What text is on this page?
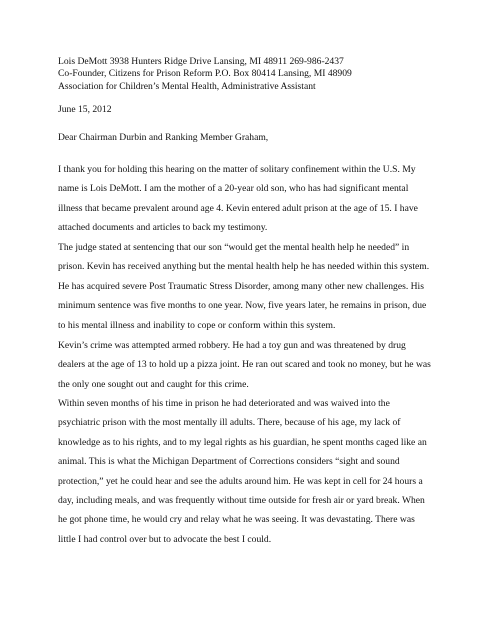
Lois DeMott 3938 Hunters Ridge Drive Lansing, MI 48911 269-986-2437
Co-Founder, Citizens for Prison Reform P.O. Box 80414 Lansing, MI 48909
Association for Children’s Mental Health, Administrative Assistant
June 15, 2012
Dear Chairman Durbin and Ranking Member Graham,
I thank you for holding this hearing on the matter of solitary confinement within the U.S. My
name is Lois DeMott. I am the mother of a 20-year old son, who has had significant mental
illness that became prevalent around age 4. Kevin entered adult prison at the age of 15. I have
attached documents and articles to back my testimony.
The judge stated at sentencing that our son “would get the mental health help he needed” in
prison. Kevin has received anything but the mental health help he has needed within this system.
He has acquired severe Post Traumatic Stress Disorder, among many other new challenges. His
minimum sentence was five months to one year. Now, five years later, he remains in prison, due
to his mental illness and inability to cope or conform within this system.
Kevin’s crime was attempted armed robbery. He had a toy gun and was threatened by drug
dealers at the age of 13 to hold up a pizza joint. He ran out scared and took no money, but he was
the only one sought out and caught for this crime.
Within seven months of his time in prison he had deteriorated and was waived into the
psychiatric prison with the most mentally ill adults. There, because of his age, my lack of
knowledge as to his rights, and to my legal rights as his guardian, he spent months caged like an
animal. This is what the Michigan Department of Corrections considers “sight and sound
protection,” yet he could hear and see the adults around him. He was kept in cell for 24 hours a
day, including meals, and was frequently without time outside for fresh air or yard break. When
he got phone time, he would cry and relay what he was seeing. It was devastating. There was
little I had control over but to advocate the best I could.
